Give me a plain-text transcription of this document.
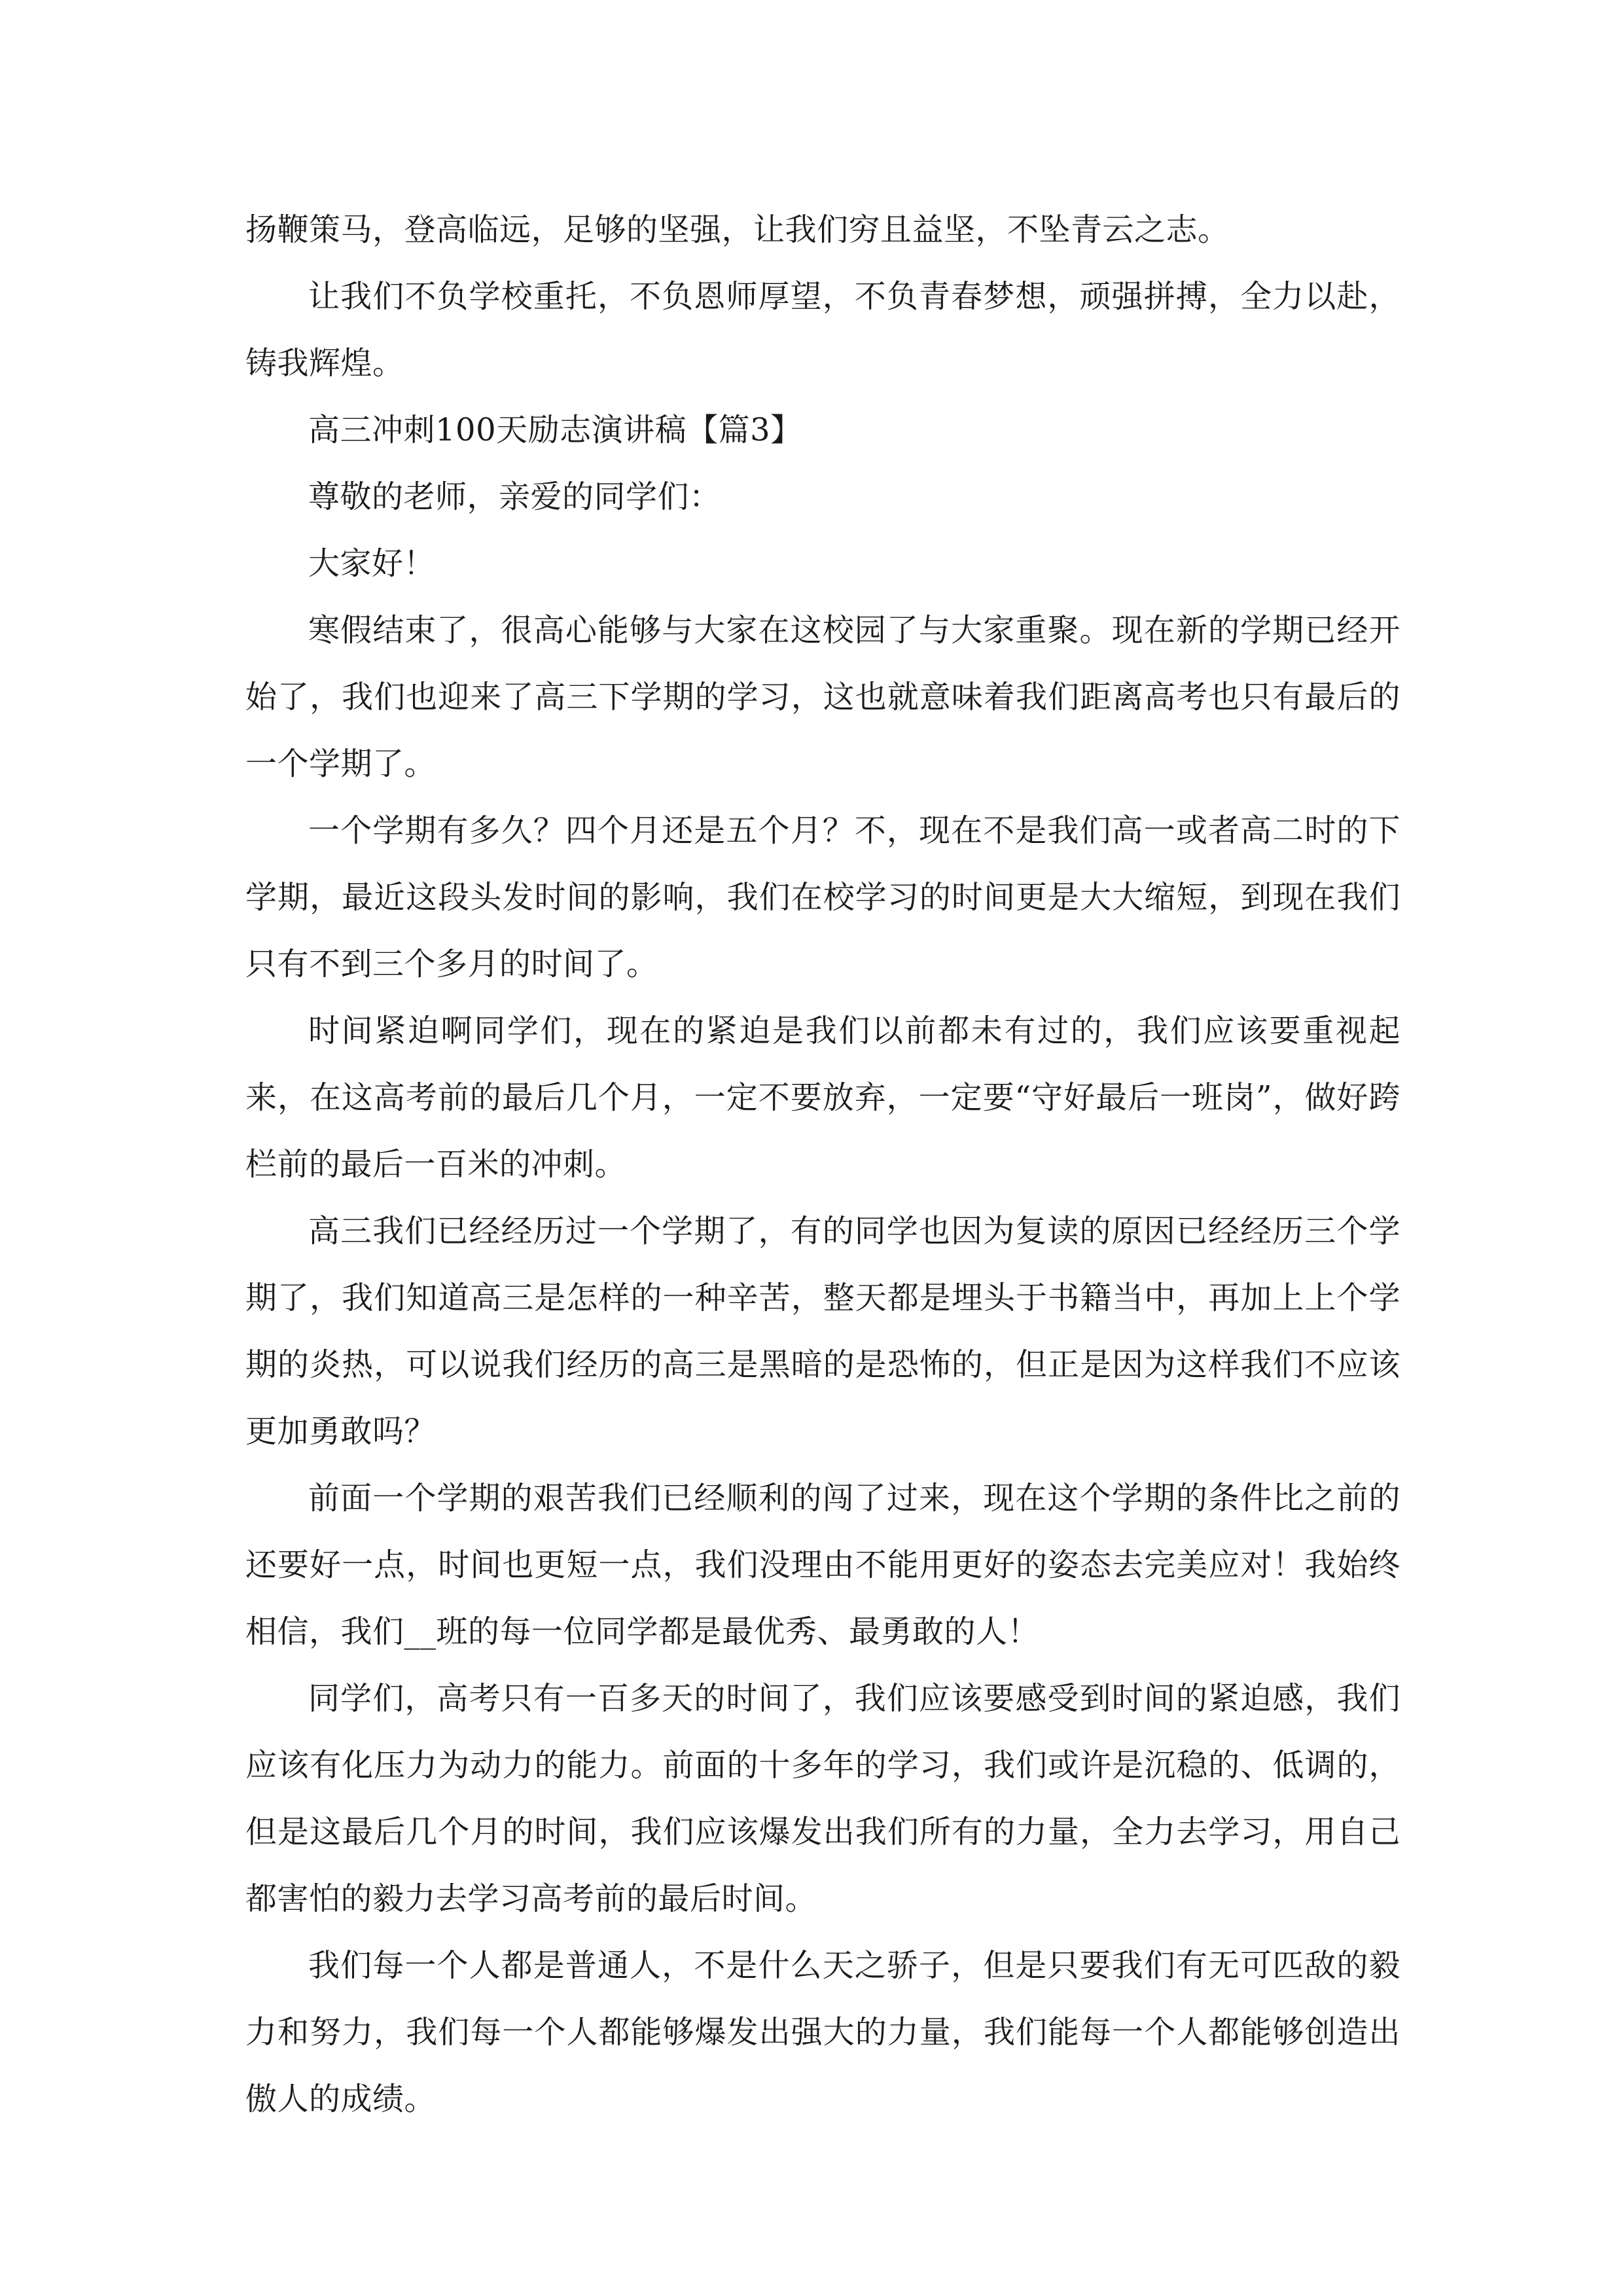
扬鞭策马，登高临远，足够的坚强，让我们穷且益坚，不坠青云之志。

让我们不负学校重托，不负恩师厚望，不负青春梦想，顽强拼搏，全力以赴，铸我辉煌。

高三冲刺100天励志演讲稿【篇3】

尊敬的老师，亲爱的同学们：

大家好！

寒假结束了，很高心能够与大家在这校园了与大家重聚。现在新的学期已经开始了，我们也迎来了高三下学期的学习，这也就意味着我们距离高考也只有最后的一个学期了。

一个学期有多久？四个月还是五个月？不，现在不是我们高一或者高二时的下学期，最近这段头发时间的影响，我们在校学习的时间更是大大缩短，到现在我们只有不到三个多月的时间了。

时间紧迫啊同学们，现在的紧迫是我们以前都未有过的，我们应该要重视起来，在这高考前的最后几个月，一定不要放弃，一定要“守好最后一班岗”，做好跨栏前的最后一百米的冲刺。

高三我们已经经历过一个学期了，有的同学也因为复读的原因已经经历三个学期了，我们知道高三是怎样的一种辛苦，整天都是埋头于书籍当中，再加上上个学期的炎热，可以说我们经历的高三是黑暗的是恐怖的，但正是因为这样我们不应该更加勇敢吗？

前面一个学期的艰苦我们已经顺利的闯了过来，现在这个学期的条件比之前的还要好一点，时间也更短一点，我们没理由不能用更好的姿态去完美应对！我始终相信，我们__班的每一位同学都是最优秀、最勇敢的人！

同学们，高考只有一百多天的时间了，我们应该要感受到时间的紧迫感，我们应该有化压力为动力的能力。前面的十多年的学习，我们或许是沉稳的、低调的，但是这最后几个月的时间，我们应该爆发出我们所有的力量，全力去学习，用自己都害怕的毅力去学习高考前的最后时间。

我们每一个人都是普通人，不是什么天之骄子，但是只要我们有无可匹敌的毅力和努力，我们每一个人都能够爆发出强大的力量，我们能每一个人都能够创造出傲人的成绩。
